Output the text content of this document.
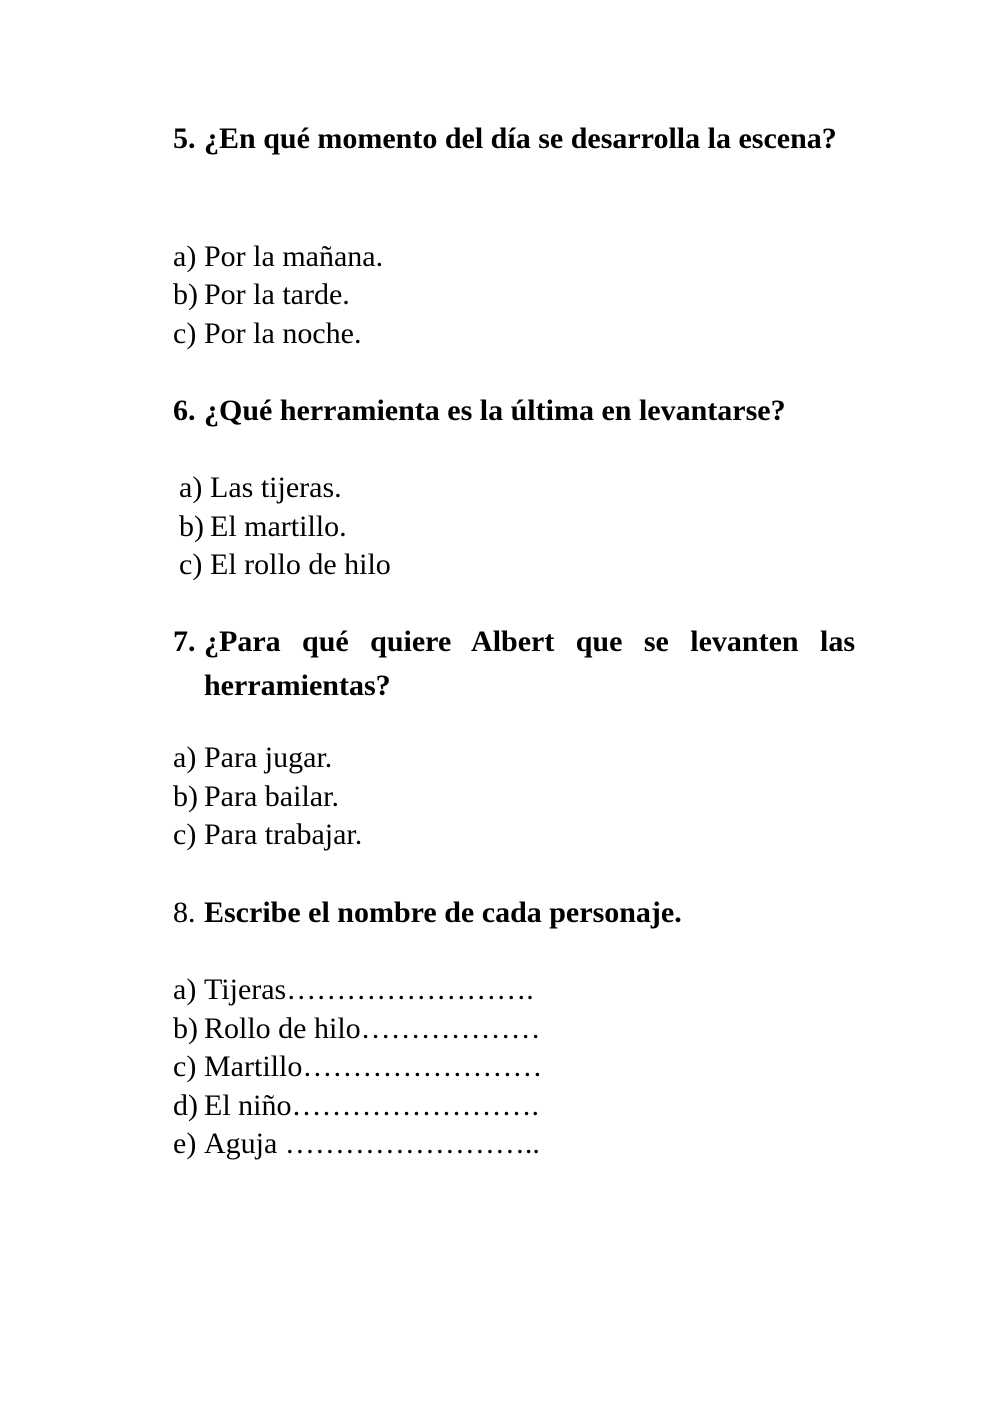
5. ¿En qué momento del día se desarrolla la escena?
a) Por la mañana.
b) Por la tarde.
c) Por la noche.
6. ¿Qué herramienta es la última en levantarse?
a) Las tijeras.
b) El martillo.
c) El rollo de hilo
7. ¿Para qué quiere Albert que se levanten las herramientas?
a) Para jugar.
b) Para bailar.
c) Para trabajar.
8. Escribe el nombre de cada personaje.
a) Tijeras…………………….
b) Rollo de hilo………………
c) Martillo……………………
d) El niño…………………….
e) Aguja ……………………..
